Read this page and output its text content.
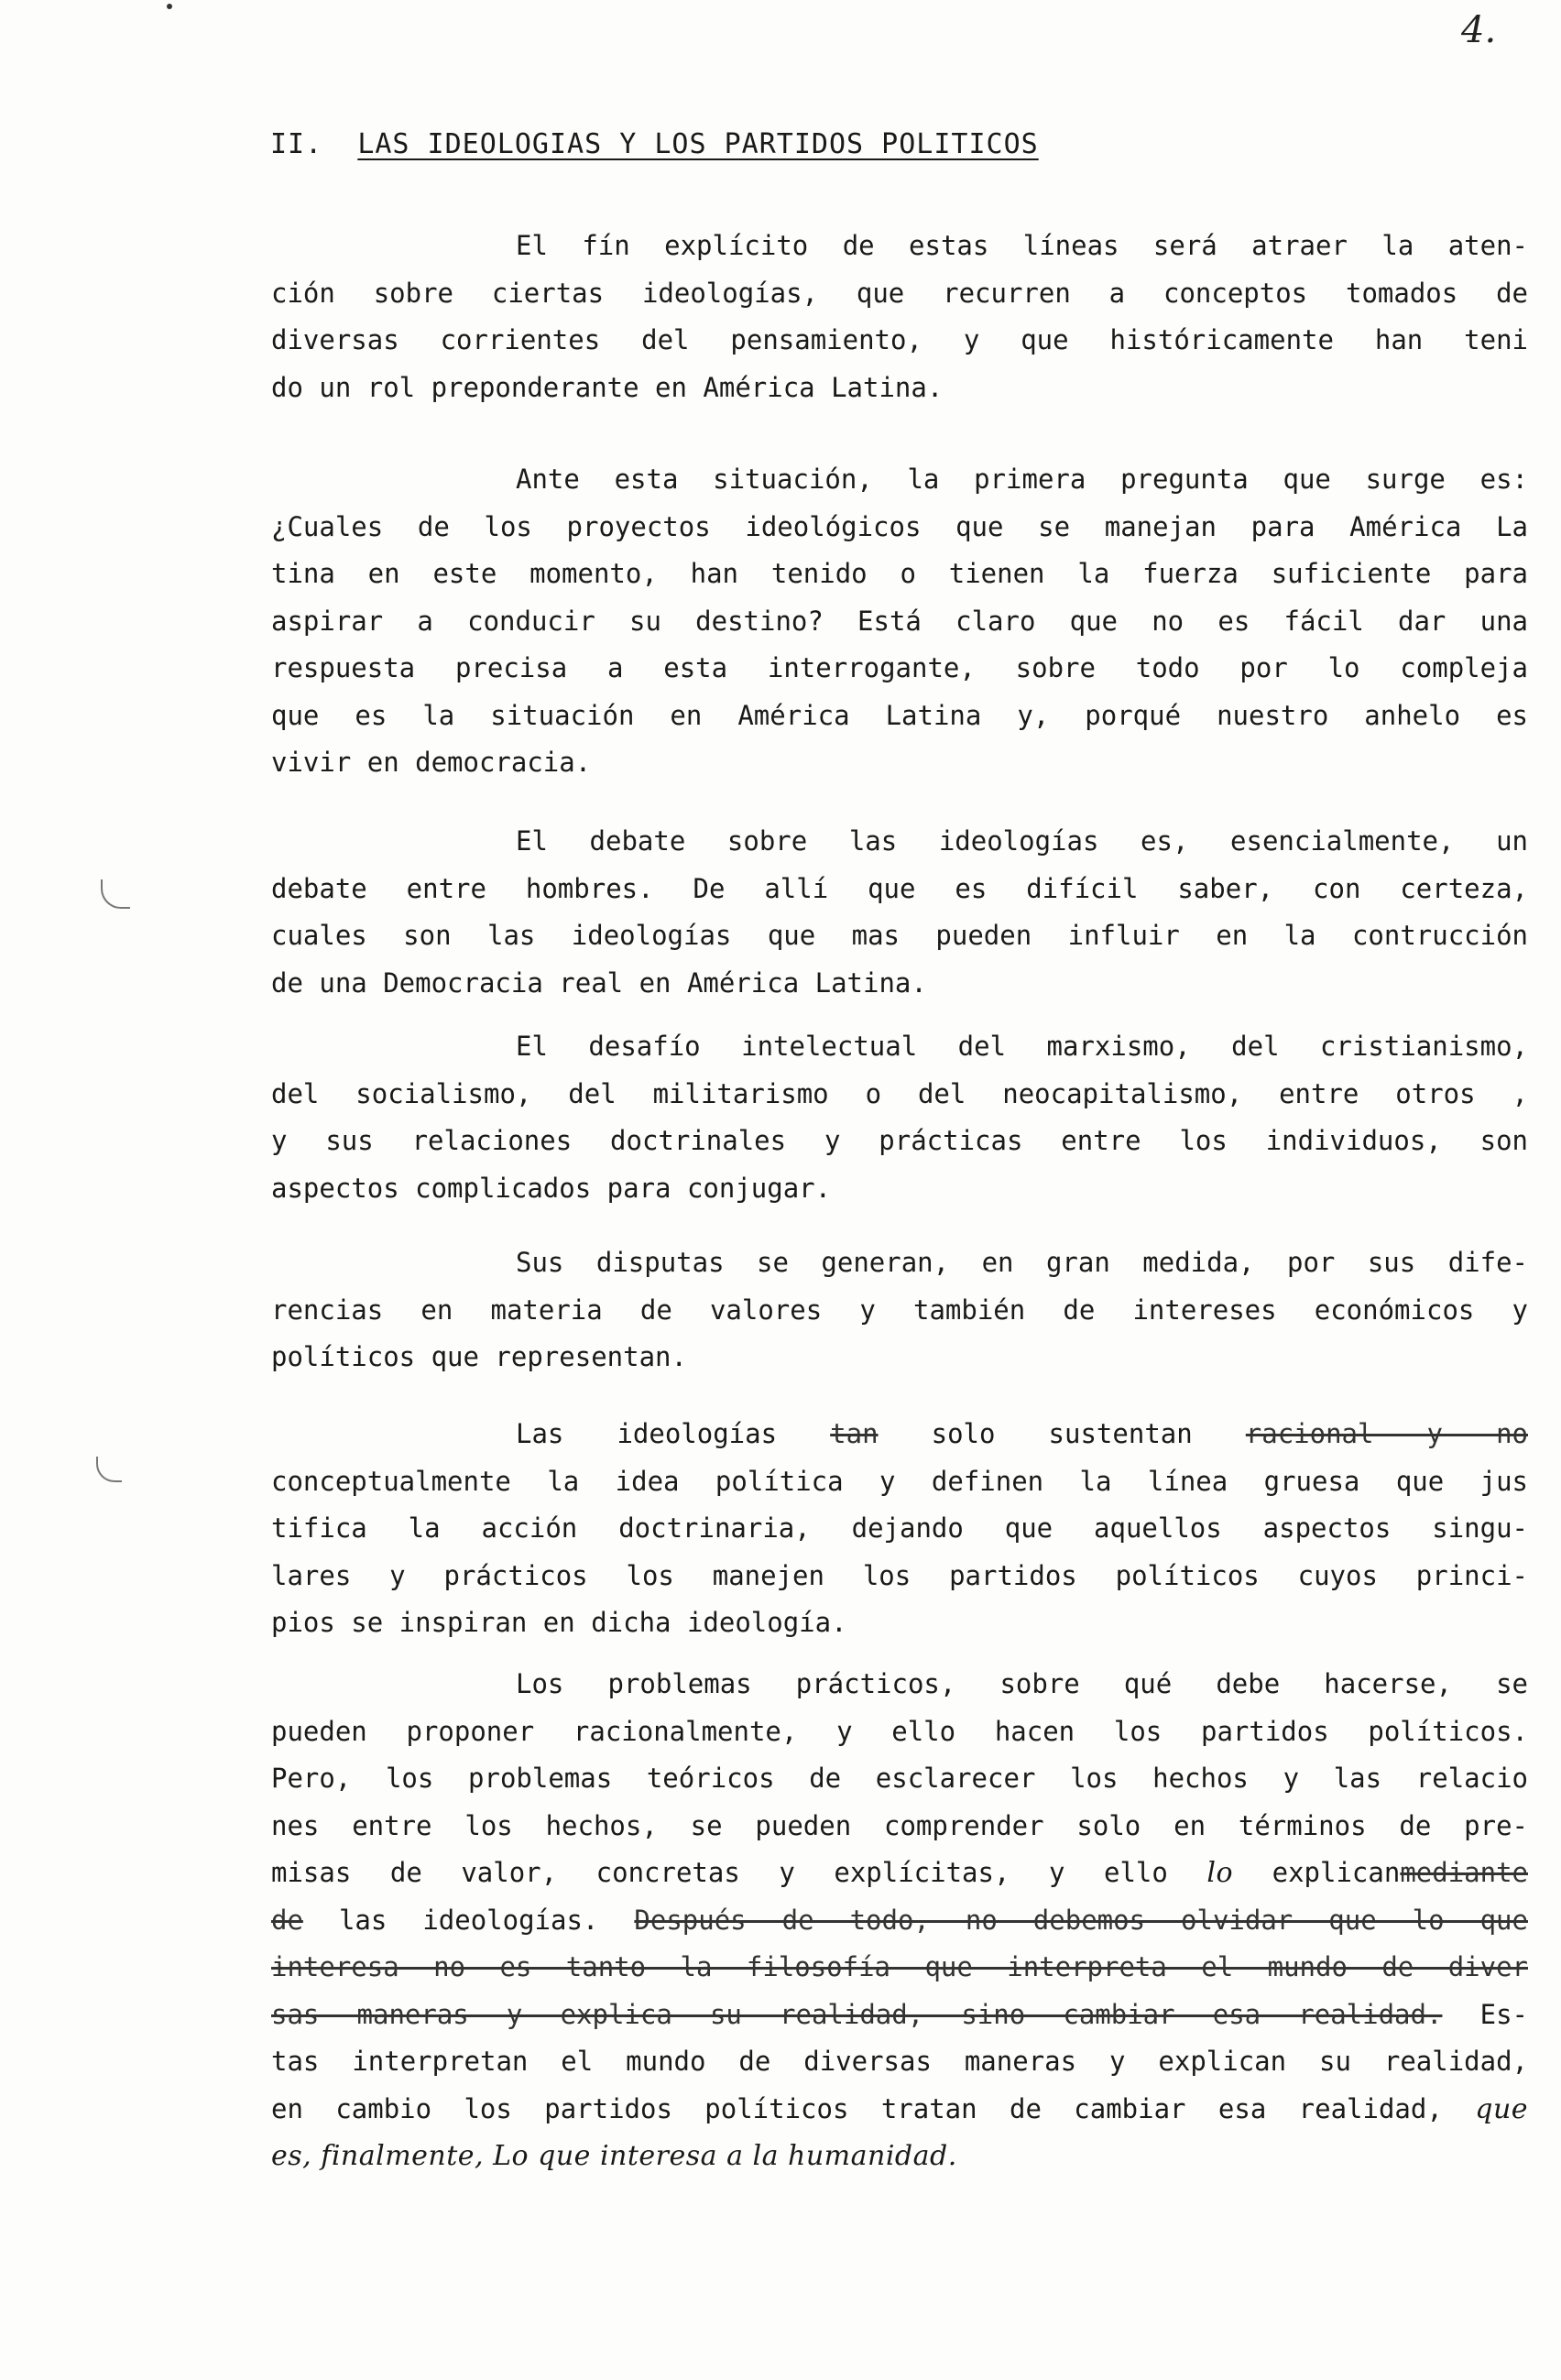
4.
II. LAS IDEOLOGIAS Y LOS PARTIDOS POLITICOS
El fín explícito de estas líneas será atraer la aten-
ción sobre ciertas ideologías, que recurren a conceptos tomados de
diversas corrientes del pensamiento, y que históricamente han teni
do un rol preponderante en América Latina.
Ante esta situación, la primera pregunta que surge es:
¿Cuales de los proyectos ideológicos que se manejan para América La
tina en este momento, han tenido o tienen la fuerza suficiente para
aspirar a conducir su destino? Está claro que no es fácil dar una
respuesta precisa a esta interrogante, sobre todo por lo compleja
que es la situación en América Latina y, porqué nuestro anhelo es
vivir en democracia.
El debate sobre las ideologías es, esencialmente, un
debate entre hombres. De allí que es difícil saber, con certeza,
cuales son las ideologías que mas pueden influir en la contrucción
de una Democracia real en América Latina.
El desafío intelectual del marxismo, del cristianismo,
del socialismo, del militarismo o del neocapitalismo, entre otros ,
y sus relaciones doctrinales y prácticas entre los individuos, son
aspectos complicados para conjugar.
Sus disputas se generan, en gran medida, por sus dife-
rencias en materia de valores y también de intereses económicos y
políticos que representan.
Las ideologías tan solo sustentan racional y no
conceptualmente la idea política y definen la línea gruesa que jus
tifica la acción doctrinaria, dejando que aquellos aspectos singu-
lares y prácticos los manejen los partidos políticos cuyos princi-
pios se inspiran en dicha ideología.
Los problemas prácticos, sobre qué debe hacerse, se
pueden proponer racionalmente, y ello hacen los partidos políticos.
Pero, los problemas teóricos de esclarecer los hechos y las relacio
nes entre los hechos, se pueden comprender solo en términos de pre-
misas de valor, concretas y explícitas, y ello lo explicanmediante
de las ideologías. Después de todo, no debemos olvidar que lo que
interesa no es tanto la filosofía que interpreta el mundo de diver
sas maneras y explica su realidad, sino cambiar esa realidad. Es-
tas interpretan el mundo de diversas maneras y explican su realidad,
en cambio los partidos políticos tratan de cambiar esa realidad, que
es, finalmente, Lo que interesa a la humanidad.
